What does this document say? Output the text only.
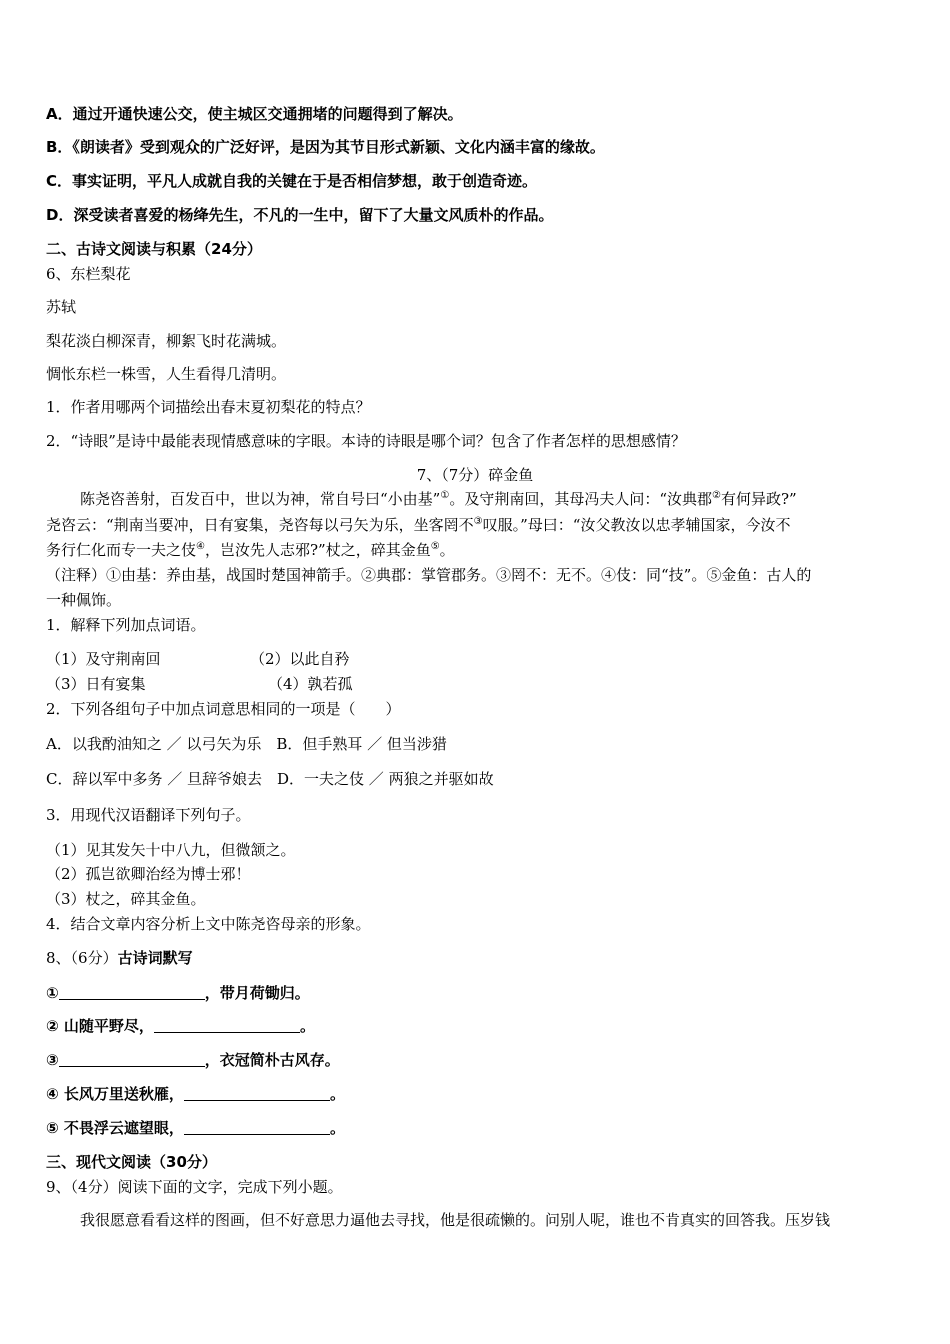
A．通过开通快速公交，使主城区交通拥堵的问题得到了解决。
B．《朗读者》受到观众的广泛好评，是因为其节目形式新颖、文化内涵丰富的缘故。
C．事实证明，平凡人成就自我的关键在于是否相信梦想，敢于创造奇迹。
D．深受读者喜爱的杨绛先生，不凡的一生中，留下了大量文风质朴的作品。
二、古诗文阅读与积累（24分）
6、东栏梨花
苏轼
梨花淡白柳深青，柳絮飞时花满城。
惆怅东栏一株雪，人生看得几清明。
1．作者用哪两个词描绘出春末夏初梨花的特点？
2．“诗眼”是诗中最能表现情感意味的字眼。本诗的诗眼是哪个词？包含了作者怎样的思想感情？
7、（7分）碎金鱼
陈尧咨善射，百发百中，世以为神，常自号曰“小由基”①。及守荆南回，其母冯夫人问：“汝典郡②有何异政?”
尧咨云：“荆南当要冲，日有宴集，尧咨每以弓矢为乐，坐客罔不③叹服。”母曰：“汝父教汝以忠孝辅国家，今汝不
务行仁化而专一夫之伎④，岂汝先人志邪?”杖之，碎其金鱼⑤。
（注释）①由基：养由基，战国时楚国神箭手。②典郡：掌管郡务。③罔不：无不。④伎：同“技”。⑤金鱼：古人的
一种佩饰。
1．解释下列加点词语。
（1）及守荆南回	（2）以此自矜
（3）日有宴集	（4）孰若孤
2．下列各组句子中加点词意思相同的一项是（　　）
A．以我酌油知之 ／ 以弓矢为乐　B．但手熟耳 ／ 但当涉猎
C．辞以军中多务 ／ 旦辞爷娘去　D．一夫之伎 ／ 两狼之并驱如故
3．用现代汉语翻译下列句子。
（1）见其发矢十中八九，但微颔之。
（2）孤岂欲卿治经为博士邪！
（3）杖之，碎其金鱼。
4．结合文章内容分析上文中陈尧咨母亲的形象。
8、（6分）古诗词默写
①	，带月荷锄归。
② 山随平野尽，	。
③	，衣冠简朴古风存。
④ 长风万里送秋雁，	。
⑤ 不畏浮云遮望眼，	。
三、现代文阅读（30分）
9、（4分）阅读下面的文字，完成下列小题。
我很愿意看看这样的图画，但不好意思力逼他去寻找，他是很疏懒的。问别人呢，谁也不肯真实的回答我。压岁钱
